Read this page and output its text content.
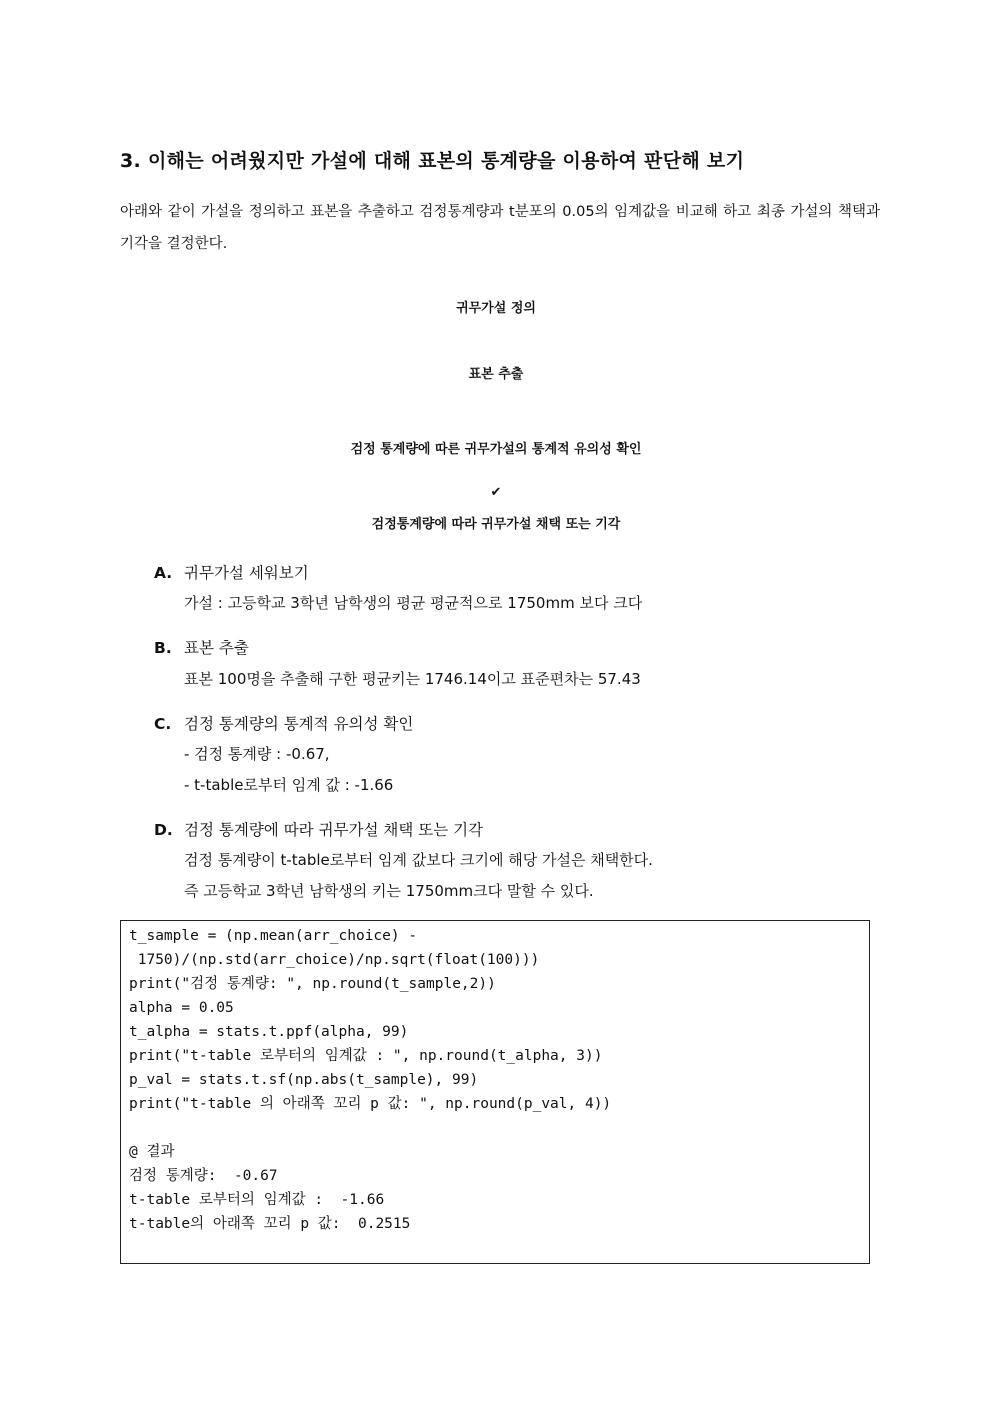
3. 이해는 어려웠지만 가설에 대해 표본의 통계량을 이용하여 판단해 보기

아래와 같이 가설을 정의하고 표본을 추출하고 검정통계량과 t분포의 0.05의 임계값을 비교해 하고 최종 가설의 책택과 기각을 결정한다.

귀무가설 정의
표본 추출
검정 통계량에 따른 귀무가설의 통계적 유의성 확인
✔
검정통계량에 따라 귀무가설 채택 또는 기각
A. 귀무가설 세워보기
가설 : 고등학교 3학년 남학생의 평균 평균적으로 1750mm 보다 크다
B. 표본 추출
표본 100명을 추출해 구한 평균키는 1746.14이고 표준편차는 57.43
C. 검정 통계량의 통계적 유의성 확인
- 검정 통계량 : -0.67,
- t-table로부터 임계 값 : -1.66
D. 검정 통계량에 따라 귀무가설 채택 또는 기각
검정 통계량이 t-table로부터 임계 값보다 크기에 해당 가설은 채택한다.
즉 고등학교 3학년 남학생의 키는 1750mm크다 말할 수 있다.
t_sample = (np.mean(arr_choice) -
1750)/(np.std(arr_choice)/np.sqrt(float(100)))
print("검정 통계량: ", np.round(t_sample,2))
alpha = 0.05
t_alpha = stats.t.ppf(alpha, 99)
print("t-table 로부터의 임계값 : ", np.round(t_alpha, 3))
p_val = stats.t.sf(np.abs(t_sample), 99)
print("t-table 의 아래쪽 꼬리 p 값: ", np.round(p_val, 4))

@ 결과
검정 통계량:  -0.67
t-table 로부터의 임계값 :  -1.66
t-table의 아래쪽 꼬리 p 값:  0.2515
